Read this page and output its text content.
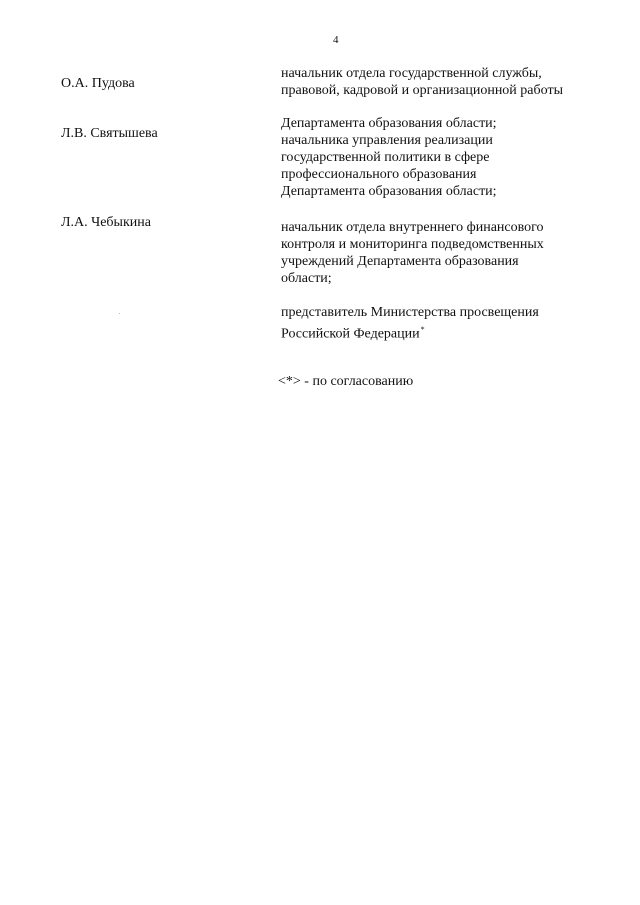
4
О.А. Пудова
начальник отдела государственной службы,
правовой, кадровой и организационной работы
Л.В. Святышева
Департамента образования области;
начальника управления реализации
государственной политики в сфере
профессионального образования
Департамента образования области;
Л.А. Чебыкина	начальник отдела внутреннего финансового
контроля и мониторинга подведомственных
учреждений Департамента образования
области;
представитель Министерства просвещения
Российской Федерации*
<*> - по согласованию
